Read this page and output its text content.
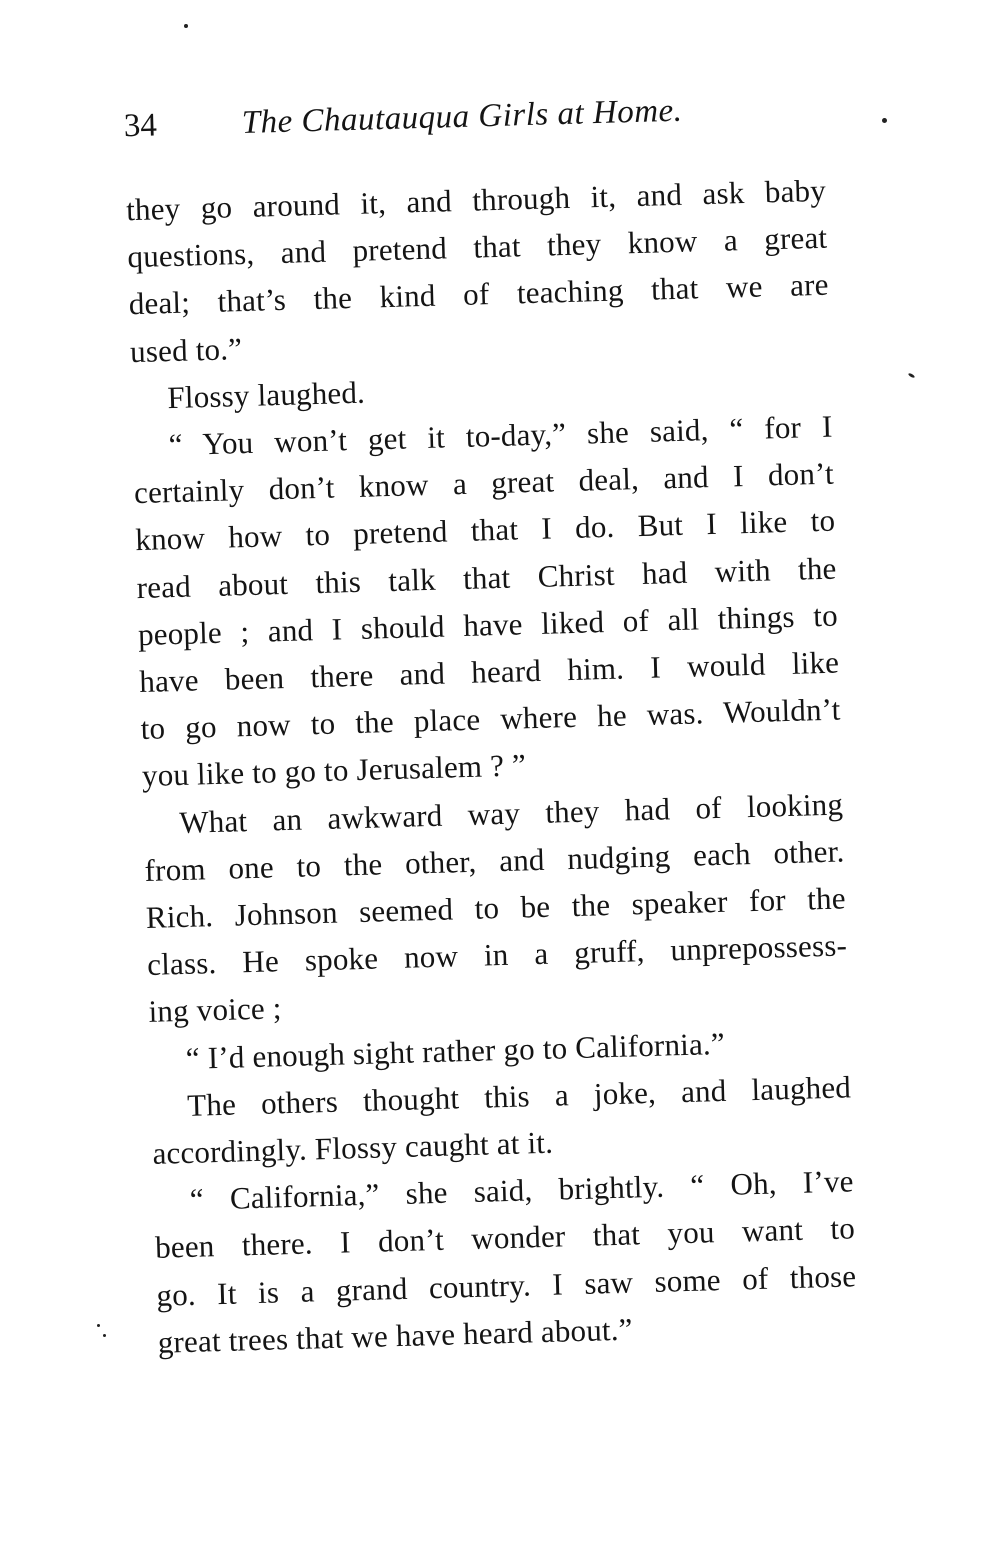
34	The Chautauqua Girls at Home.
they go around it, and through it, and ask baby
questions, and pretend that they know a great
deal; that’s the kind of teaching that we are
used to.”
Flossy laughed.
“ You won’t get it to-day,” she said, “ for I
certainly don’t know a great deal, and I don’t
know how to pretend that I do. But I like to
read about this talk that Christ had with the
people ; and I should have liked of all things to
have been there and heard him. I would like
to go now to the place where he was. Wouldn’t
you like to go to Jerusalem ? ”
What an awkward way they had of looking
from one to the other, and nudging each other.
Rich. Johnson seemed to be the speaker for the
class. He spoke now in a gruff, unprepossess-
ing voice ;
“ I’d enough sight rather go to California.”
The others thought this a joke, and laughed
accordingly. Flossy caught at it.
“ California,” she said, brightly. “ Oh, I’ve
been there. I don’t wonder that you want to
go. It is a grand country. I saw some of those
great trees that we have heard about.”
